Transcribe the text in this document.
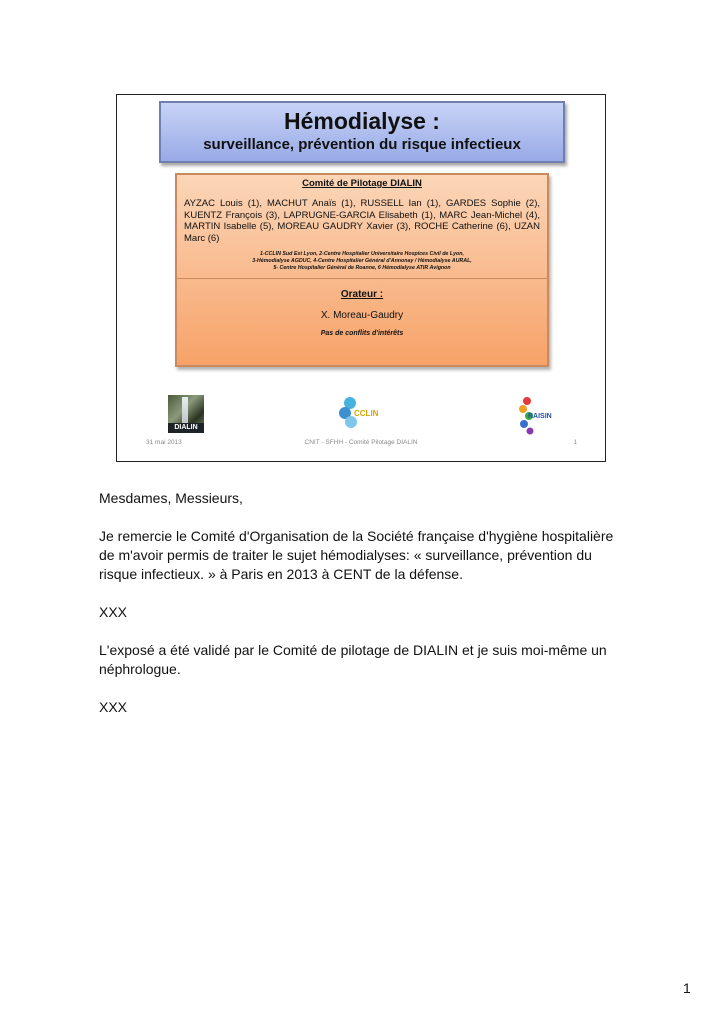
Hémodialyse :
surveillance, prévention du risque infectieux
Comité de Pilotage DIALIN
AYZAC Louis (1), MACHUT Anaïs (1), RUSSELL Ian (1), GARDES Sophie (2), KUENTZ François (3), LAPRUGNE-GARCIA Elisabeth (1), MARC Jean-Michel (4), MARTIN Isabelle (5), MOREAU GAUDRY Xavier (3), ROCHE Catherine (6), UZAN Marc (6)
1-CCLIN Sud Est Lyon, 2-Centre Hospitalier Universitaire Hospices Civil de Lyon,
3-Hémodialyse AGDUC, 4-Centre Hospitalier Général d'Annonay / Hémodialyse AURAL,
5- Centre Hospitalier Général de Roanne, 6 Hémodialyse ATIR Avignon
Orateur :
X. Moreau-Gaudry
Pas de conflits d'intérêts
DIALIN
CCLIN	RAISIN
31 mai 2013	CNIT - SFHH - Comité Pilotage DIALIN	1

Mesdames, Messieurs,

Je remercie le Comité d'Organisation de la Société française d'hygiène hospitalière de m'avoir permis de traiter le sujet hémodialyses: « surveillance, prévention du risque infectieux. » à Paris en 2013 à CENT de la défense.

XXX

L'exposé a été validé par le Comité de pilotage de DIALIN et je suis moi-même un néphrologue.

XXX

1
